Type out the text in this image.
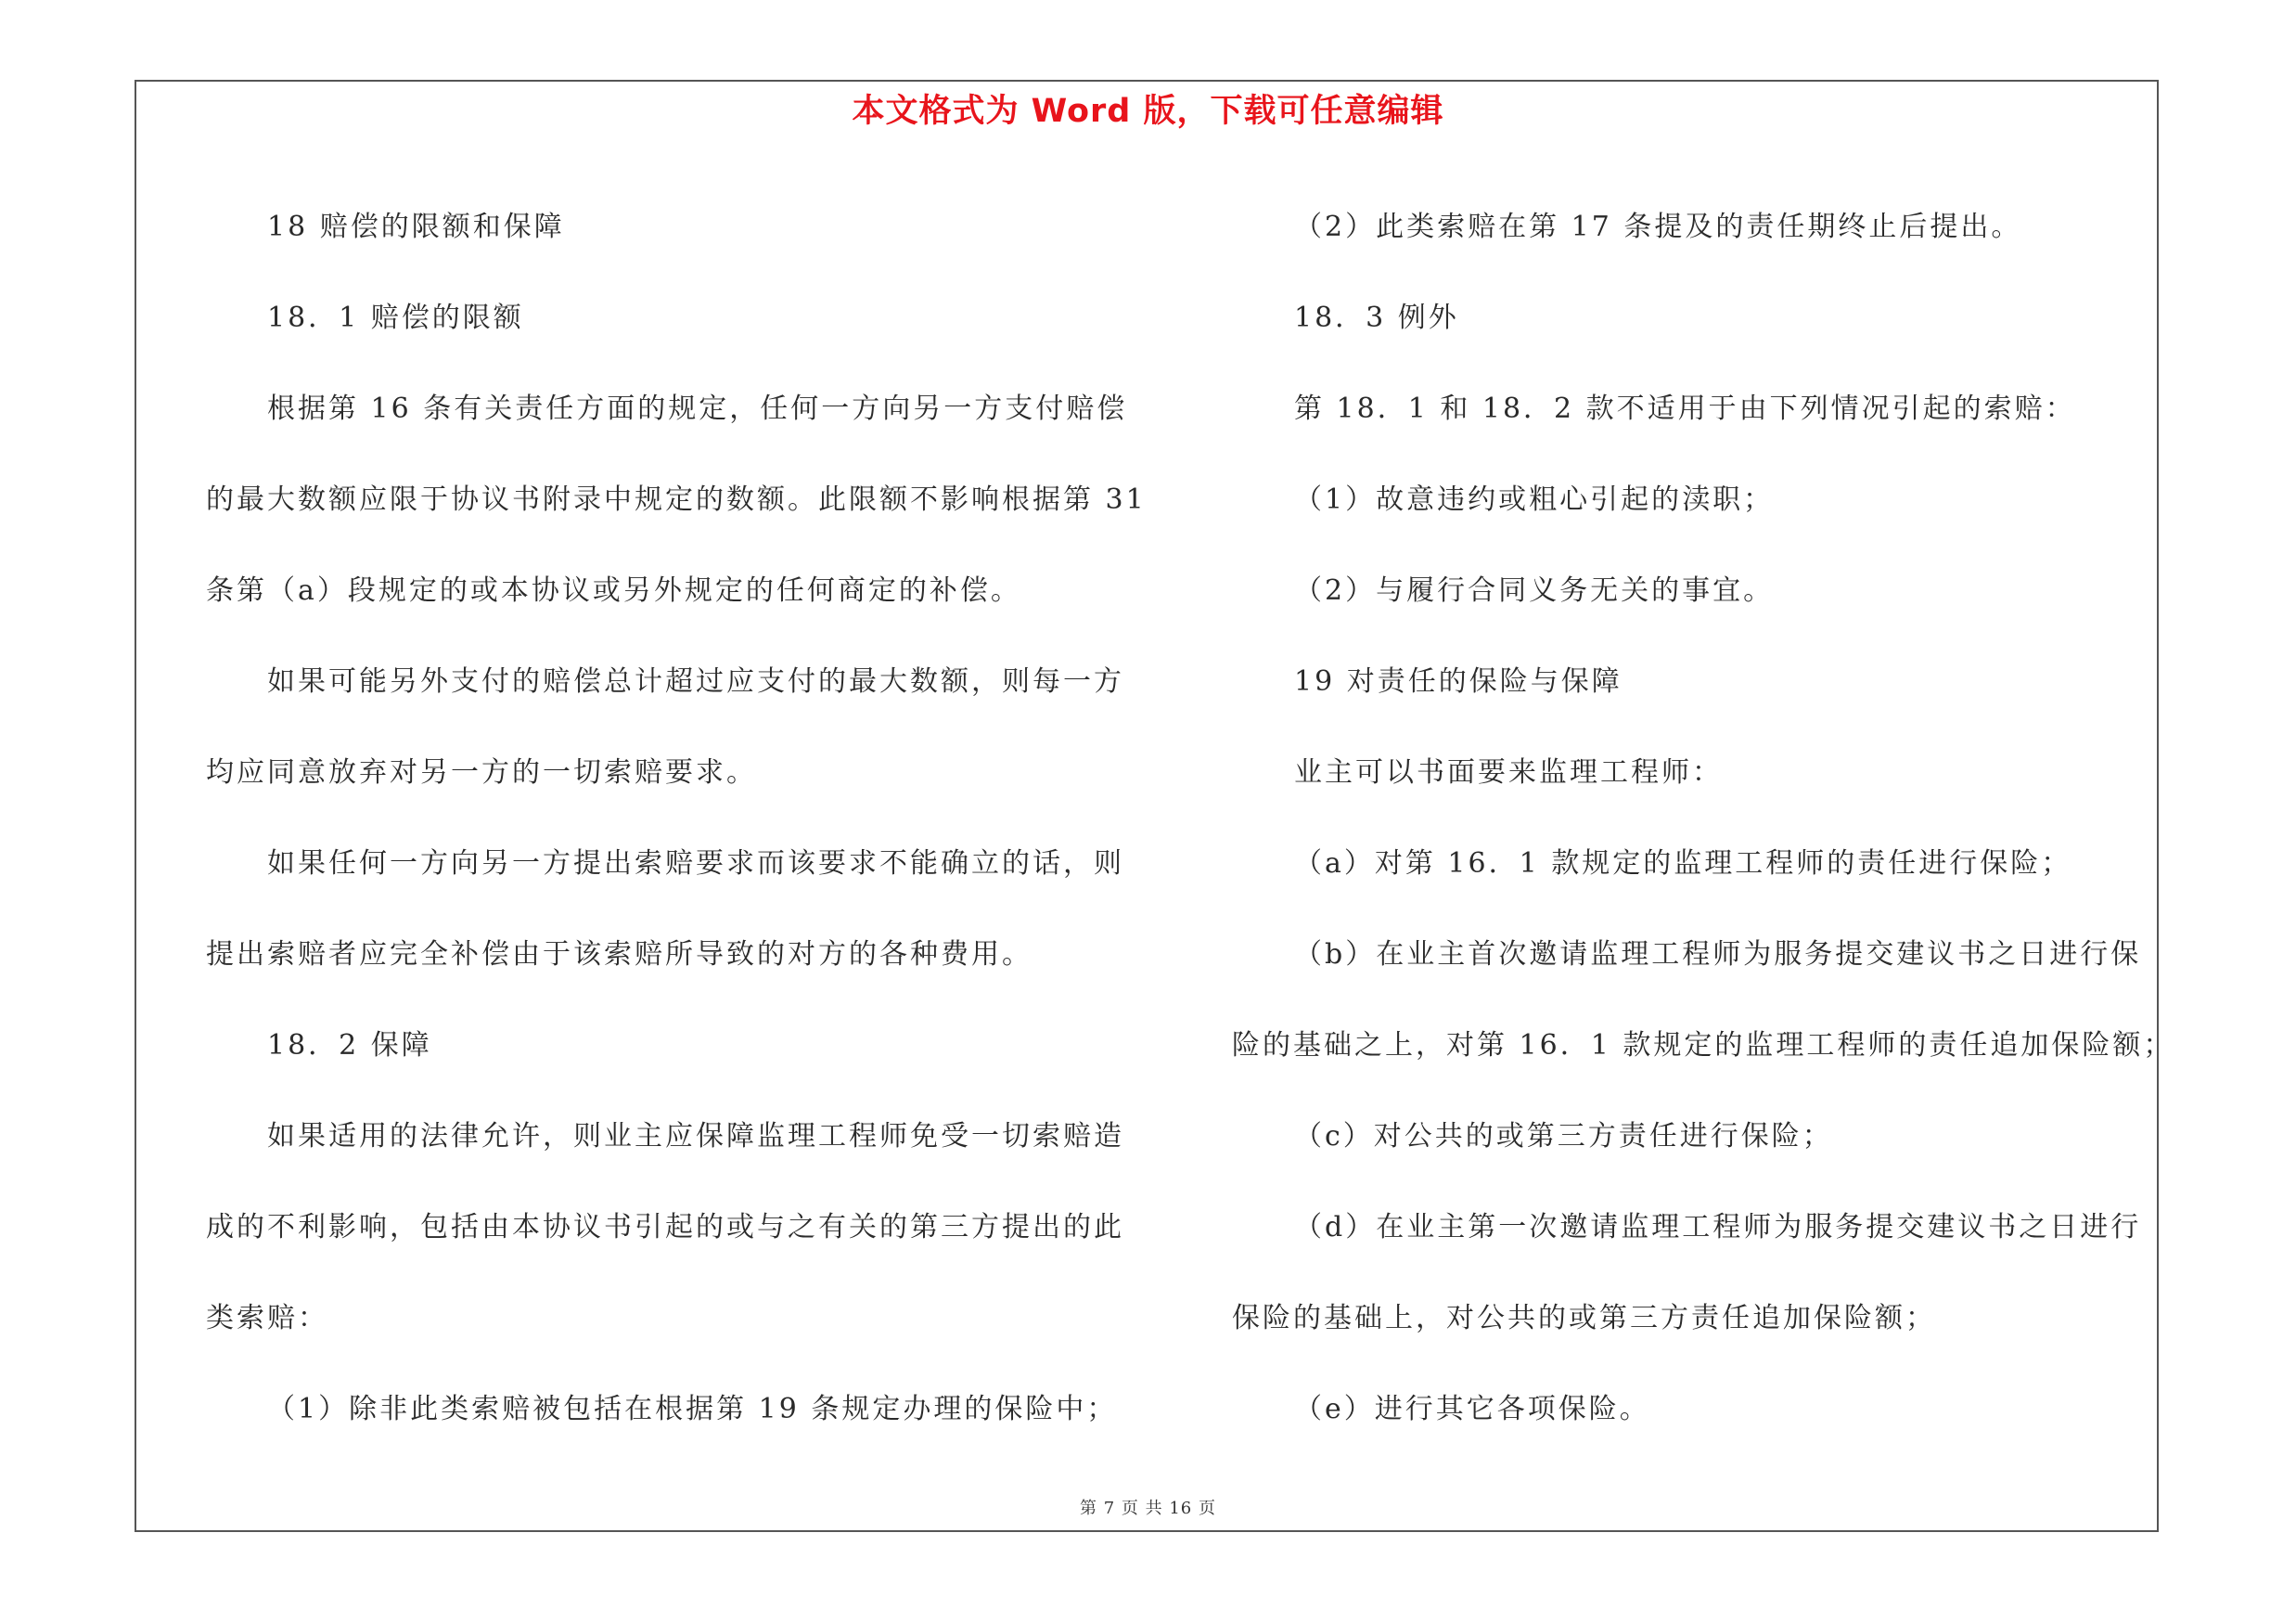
本文格式为 Word 版，下载可任意编辑

18 赔偿的限额和保障

18．1 赔偿的限额

根据第 16 条有关责任方面的规定，任何一方向另一方支付赔偿

的最大数额应限于协议书附录中规定的数额。此限额不影响根据第 31

条第（a）段规定的或本协议或另外规定的任何商定的补偿。

如果可能另外支付的赔偿总计超过应支付的最大数额，则每一方

均应同意放弃对另一方的一切索赔要求。

如果任何一方向另一方提出索赔要求而该要求不能确立的话，则

提出索赔者应完全补偿由于该索赔所导致的对方的各种费用。

18．2 保障

如果适用的法律允许，则业主应保障监理工程师免受一切索赔造

成的不利影响，包括由本协议书引起的或与之有关的第三方提出的此

类索赔：

（1）除非此类索赔被包括在根据第 19 条规定办理的保险中；

（2）此类索赔在第 17 条提及的责任期终止后提出。

18．3 例外

第 18．1 和 18．2 款不适用于由下列情况引起的索赔：

（1）故意违约或粗心引起的渎职；

（2）与履行合同义务无关的事宜。

19 对责任的保险与保障

业主可以书面要来监理工程师：

（a）对第 16．1 款规定的监理工程师的责任进行保险；

（b）在业主首次邀请监理工程师为服务提交建议书之日进行保

险的基础之上，对第 16．1 款规定的监理工程师的责任追加保险额；

（c）对公共的或第三方责任进行保险；

（d）在业主第一次邀请监理工程师为服务提交建议书之日进行

保险的基础上，对公共的或第三方责任追加保险额；

（e）进行其它各项保险。

第 7 页 共 16 页
